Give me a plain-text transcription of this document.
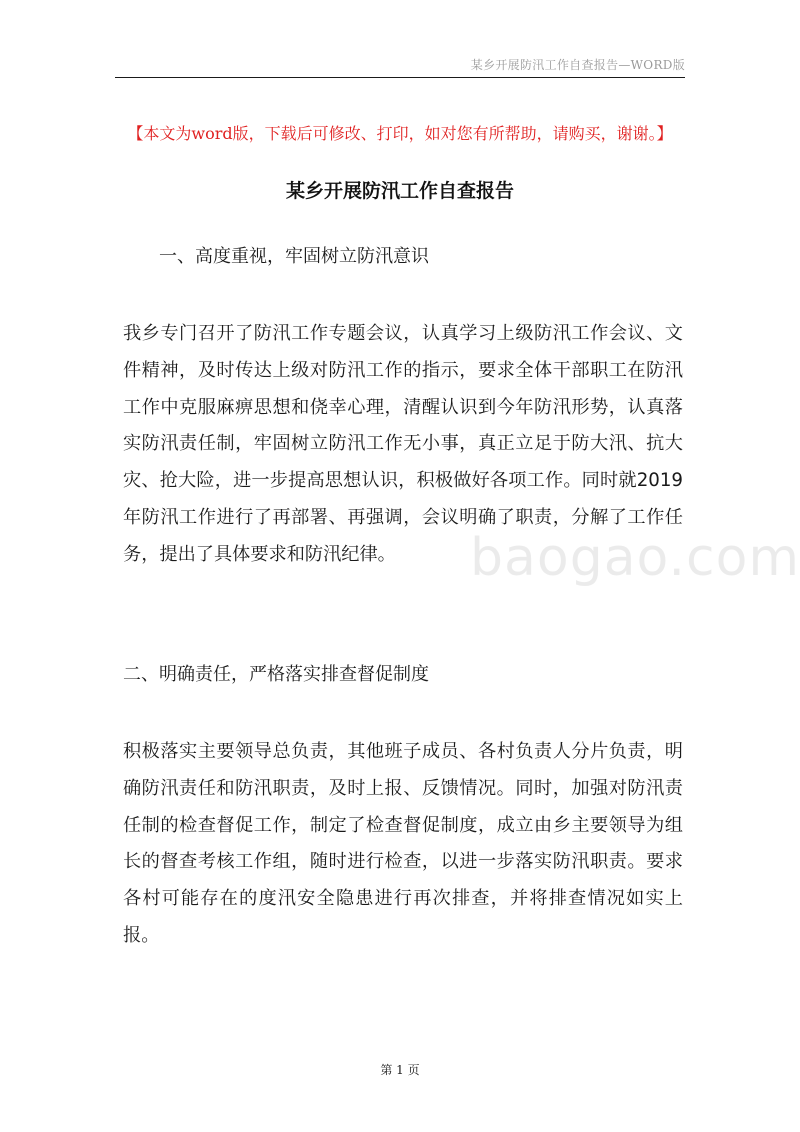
某乡开展防汛工作自查报告—WORD版
【本文为word版，下载后可修改、打印，如对您有所帮助，请购买，谢谢。】
某乡开展防汛工作自查报告
一、高度重视，牢固树立防汛意识

我乡专门召开了防汛工作专题会议，认真学习上级防汛工作会议、文件精神，及时传达上级对防汛工作的指示，要求全体干部职工在防汛工作中克服麻痹思想和侥幸心理，清醒认识到今年防汛形势，认真落实防汛责任制，牢固树立防汛工作无小事，真正立足于防大汛、抗大灾、抢大险，进一步提高思想认识，积极做好各项工作。同时就2019年防汛工作进行了再部署、再强调，会议明确了职责，分解了工作任务，提出了具体要求和防汛纪律。	baogao.com
二、明确责任，严格落实排查督促制度

积极落实主要领导总负责，其他班子成员、各村负责人分片负责，明确防汛责任和防汛职责，及时上报、反馈情况。同时，加强对防汛责任制的检查督促工作，制定了检查督促制度，成立由乡主要领导为组长的督查考核工作组，随时进行检查，以进一步落实防汛职责。要求各村可能存在的度汛安全隐患进行再次排查，并将排查情况如实上报。

第 1 页
